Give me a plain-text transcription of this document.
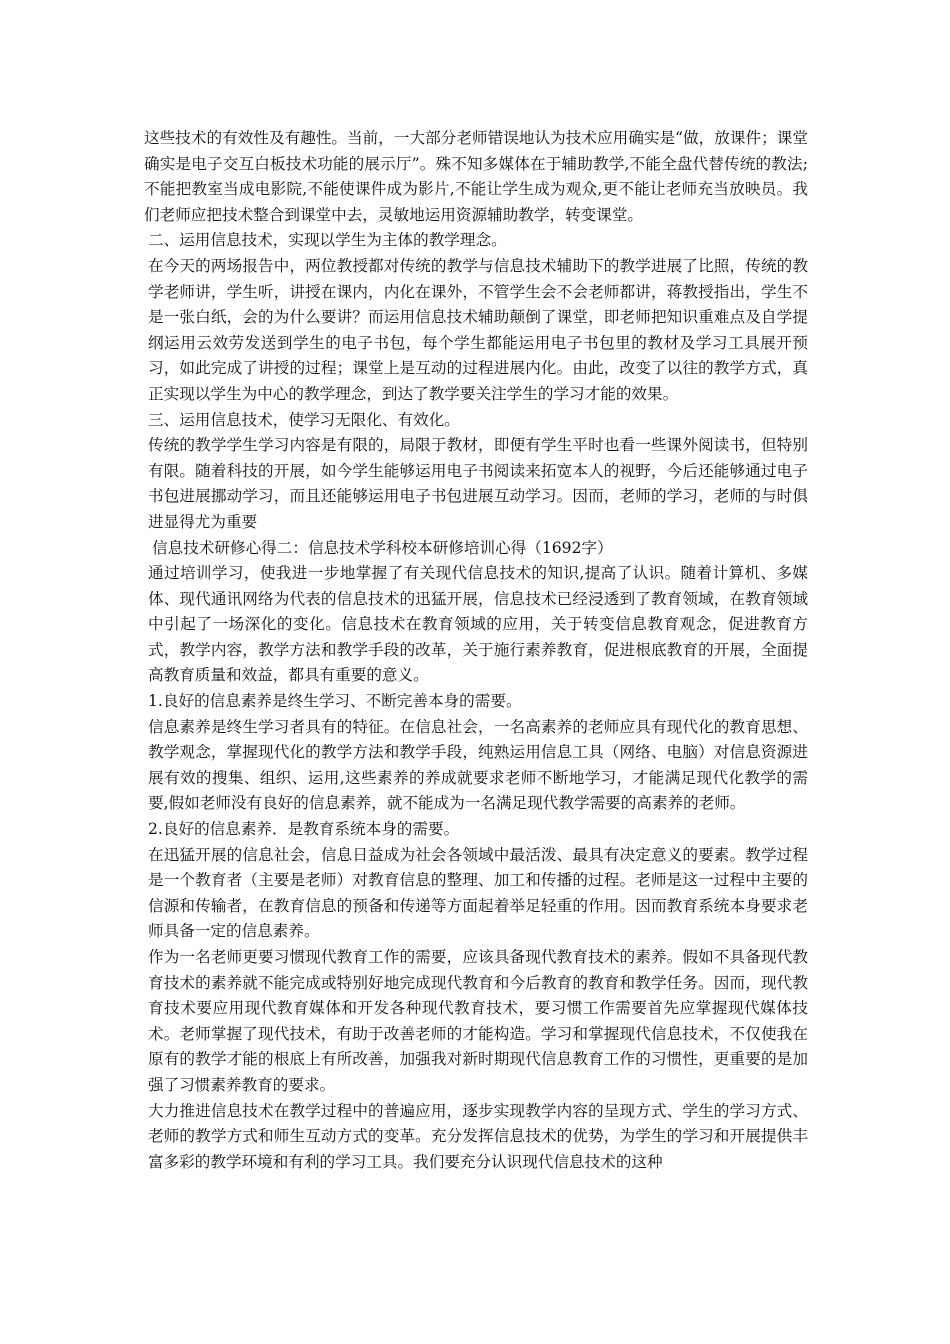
这些技术的有效性及有趣性。当前，一大部分老师错误地认为技术应用确实是“做，放课件；课堂确实是电子交互白板技术功能的展示厅”。殊不知多媒体在于辅助教学,不能全盘代替传统的教法;不能把教室当成电影院,不能使课件成为影片,不能让学生成为观众,更不能让老师充当放映员。我们老师应把技术整合到课堂中去，灵敏地运用资源辅助教学，转变课堂。

二、运用信息技术，实现以学生为主体的教学理念。

在今天的两场报告中，两位教授都对传统的教学与信息技术辅助下的教学进展了比照，传统的教学老师讲，学生听，讲授在课内，内化在课外，不管学生会不会老师都讲，蒋教授指出，学生不是一张白纸，会的为什么要讲？而运用信息技术辅助颠倒了课堂，即老师把知识重难点及自学提纲运用云效劳发送到学生的电子书包，每个学生都能运用电子书包里的教材及学习工具展开预习，如此完成了讲授的过程；课堂上是互动的过程进展内化。由此，改变了以往的教学方式，真正实现以学生为中心的教学理念，到达了教学要关注学生的学习才能的效果。

三、运用信息技术，使学习无限化、有效化。

传统的教学学生学习内容是有限的，局限于教材，即便有学生平时也看一些课外阅读书，但特别有限。随着科技的开展，如今学生能够运用电子书阅读来拓宽本人的视野，今后还能够通过电子书包进展挪动学习，而且还能够运用电子书包进展互动学习。因而，老师的学习，老师的与时俱进显得尤为重要

信息技术研修心得二：信息技术学科校本研修培训心得（1692字）

通过培训学习，使我进一步地掌握了有关现代信息技术的知识,提高了认识。随着计算机、多媒体、现代通讯网络为代表的信息技术的迅猛开展，信息技术已经浸透到了教育领域，在教育领域中引起了一场深化的变化。信息技术在教育领域的应用，关于转变信息教育观念，促进教育方式，教学内容，教学方法和教学手段的改革，关于施行素养教育，促进根底教育的开展，全面提高教育质量和效益，都具有重要的意义。

1.良好的信息素养是终生学习、不断完善本身的需要。

信息素养是终生学习者具有的特征。在信息社会，一名高素养的老师应具有现代化的教育思想、教学观念，掌握现代化的教学方法和教学手段，纯熟运用信息工具（网络、电脑）对信息资源进展有效的搜集、组织、运用,这些素养的养成就要求老师不断地学习，才能满足现代化教学的需要,假如老师没有良好的信息素养，就不能成为一名满足现代教学需要的高素养的老师。

2.良好的信息素养．是教育系统本身的需要。

在迅猛开展的信息社会，信息日益成为社会各领域中最活泼、最具有决定意义的要素。教学过程是一个教育者（主要是老师）对教育信息的整理、加工和传播的过程。老师是这一过程中主要的信源和传输者，在教育信息的预备和传递等方面起着举足轻重的作用。因而教育系统本身要求老师具备一定的信息素养。

作为一名老师更要习惯现代教育工作的需要，应该具备现代教育技术的素养。假如不具备现代教育技术的素养就不能完成或特别好地完成现代教育和今后教育的教育和教学任务。因而，现代教育技术要应用现代教育媒体和开发各种现代教育技术，要习惯工作需要首先应掌握现代媒体技术。老师掌握了现代技术，有助于改善老师的才能构造。学习和掌握现代信息技术，不仅使我在原有的教学才能的根底上有所改善，加强我对新时期现代信息教育工作的习惯性，更重要的是加强了习惯素养教育的要求。

大力推进信息技术在教学过程中的普遍应用，逐步实现教学内容的呈现方式、学生的学习方式、老师的教学方式和师生互动方式的变革。充分发挥信息技术的优势，为学生的学习和开展提供丰富多彩的教学环境和有利的学习工具。我们要充分认识现代信息技术的这种
